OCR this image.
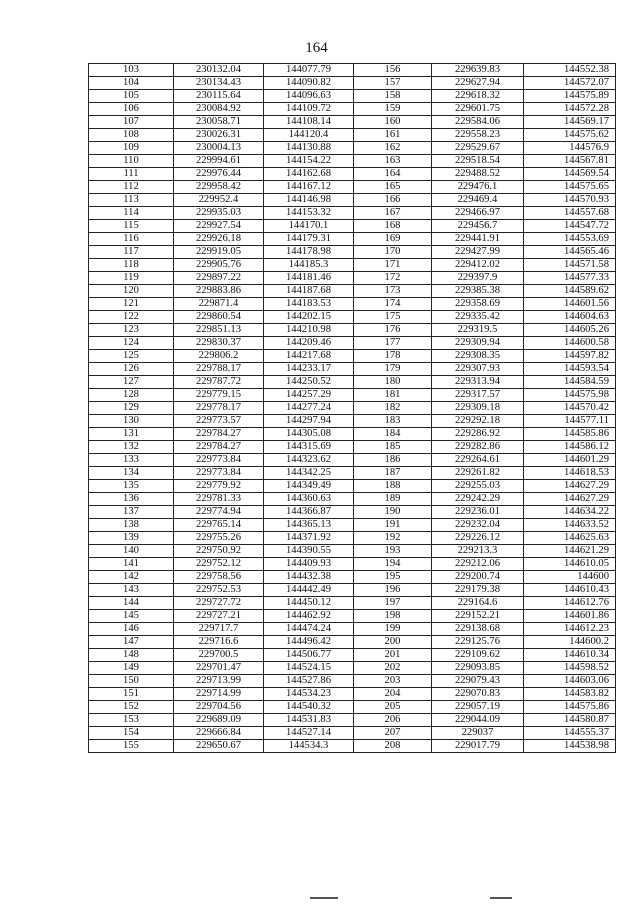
164
103	230132.04	144077.79	156	229639.83	144552.38
104	230134.43	144090.82	157	229627.94	144572.07
105	230115.64	144096.63	158	229618.32	144575.89
106	230084.92	144109.72	159	229601.75	144572.28
107	230058.71	144108.14	160	229584.06	144569.17
108	230026.31	144120.4	161	229558.23	144575.62
109	230004.13	144130.88	162	229529.67	144576.9
110	229994.61	144154.22	163	229518.54	144567.81
111	229976.44	144162.68	164	229488.52	144569.54
112	229958.42	144167.12	165	229476.1	144575.65
113	229952.4	144146.98	166	229469.4	144570.93
114	229935.03	144153.32	167	229466.97	144557.68
115	229927.54	144170.1	168	229456.7	144547.72
116	229926.18	144179.31	169	229441.91	144553.69
117	229919.05	144178.98	170	229427.99	144565.46
118	229905.76	144185.3	171	229412.02	144571.58
119	229897.22	144181.46	172	229397.9	144577.33
120	229883.86	144187.68	173	229385.38	144589.62
121	229871.4	144183.53	174	229358.69	144601.56
122	229860.54	144202.15	175	229335.42	144604.63
123	229851.13	144210.98	176	229319.5	144605.26
124	229830.37	144209.46	177	229309.94	144600.58
125	229806.2	144217.68	178	229308.35	144597.82
126	229788.17	144233.17	179	229307.93	144593.54
127	229787.72	144250.52	180	229313.94	144584.59
128	229779.15	144257.29	181	229317.57	144575.98
129	229778.17	144277.24	182	229309.18	144570.42
130	229773.57	144297.94	183	229292.18	144577.11
131	229784.27	144305.08	184	229286.92	144585.86
132	229784.27	144315.69	185	229282.86	144586.12
133	229773.84	144323.62	186	229264.61	144601.29
134	229773.84	144342.25	187	229261.82	144618.53
135	229779.92	144349.49	188	229255.03	144627.29
136	229781.33	144360.63	189	229242.29	144627.29
137	229774.94	144366.87	190	229236.01	144634.22
138	229765.14	144365.13	191	229232.04	144633.52
139	229755.26	144371.92	192	229226.12	144625.63
140	229750.92	144390.55	193	229213.3	144621.29
141	229752.12	144409.93	194	229212.06	144610.05
142	229758.56	144432.38	195	229200.74	144600
143	229752.53	144442.49	196	229179.38	144610.43
144	229727.72	144450.12	197	229164.6	144612.76
145	229727.21	144462.92	198	229152.21	144601.86
146	229717.7	144474.24	199	229138.68	144612.23
147	229716.6	144496.42	200	229125.76	144600.2
148	229700.5	144506.77	201	229109.62	144610.34
149	229701.47	144524.15	202	229093.85	144598.52
150	229713.99	144527.86	203	229079.43	144603.06
151	229714.99	144534.23	204	229070.83	144583.82
152	229704.56	144540.32	205	229057.19	144575.86
153	229689.09	144531.83	206	229044.09	144580.87
154	229666.84	144527.14	207	229037	144555.37
155	229650.67	144534.3	208	229017.79	144538.98
